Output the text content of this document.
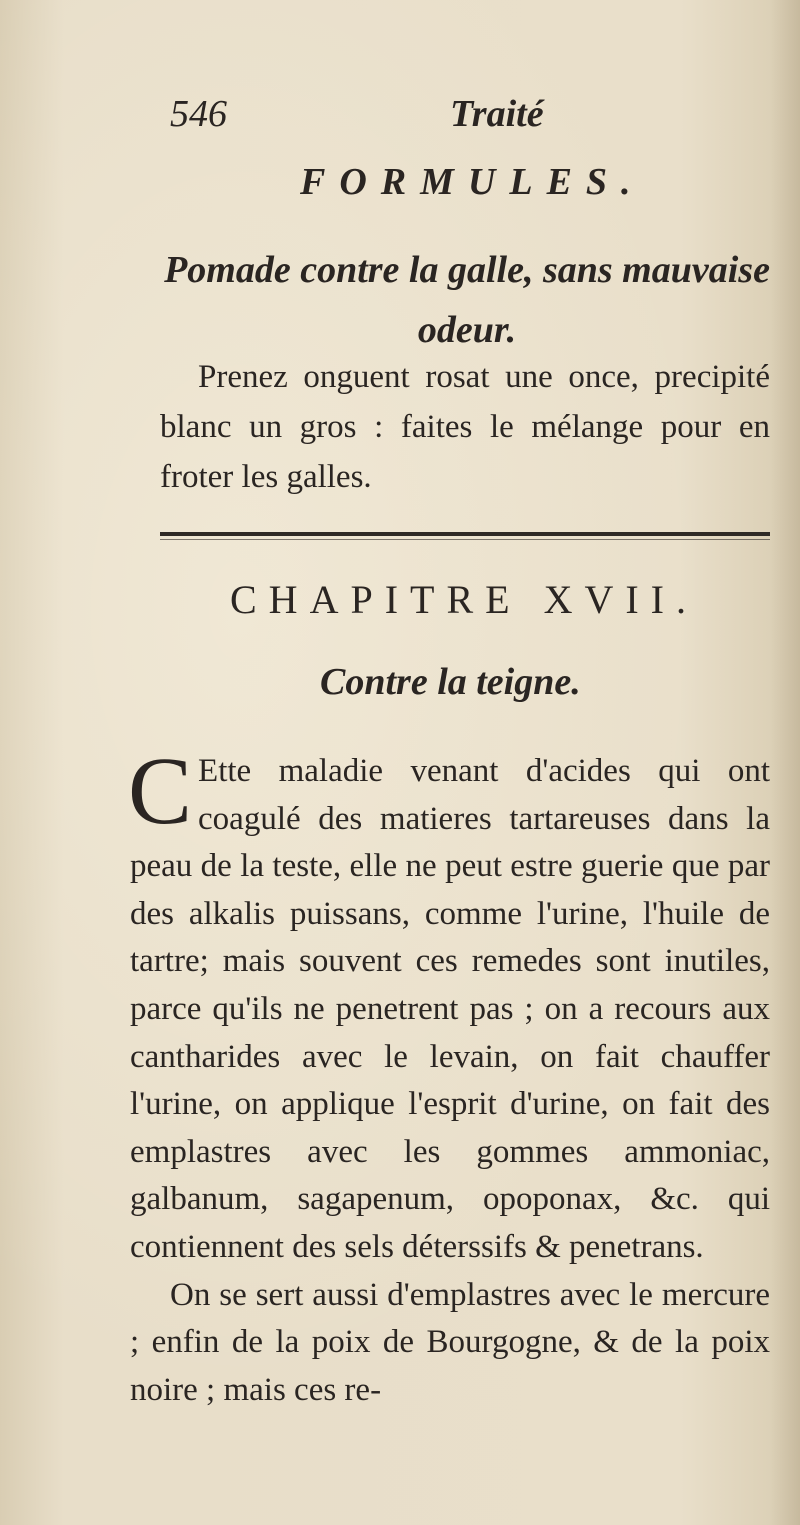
546	Traité
FORMULES.
Pomade contre la galle, sans mauvaise odeur.
Prenez onguent rosat une once, precipité blanc un gros : faites le mélange pour en froter les galles.
CHAPITRE XVII.
Contre la teigne.

C Ette maladie venant d'acides qui ont coagulé des matieres tartareuses dans la peau de la teste, elle ne peut estre guerie que par des alkalis puissans, comme l'urine, l'huile de tartre; mais souvent ces remedes sont inutiles, parce qu'ils ne penetrent pas ; on a recours aux cantharides avec le levain, on fait chauffer l'urine, on applique l'esprit d'urine, on fait des emplastres avec les gommes ammoniac, galbanum, sagapenum, opoponax, &c. qui contiennent des sels déterssifs & penetrans.

On se sert aussi d'emplastres avec le mercure ; enfin de la poix de Bourgogne, & de la poix noire ; mais ces re-
